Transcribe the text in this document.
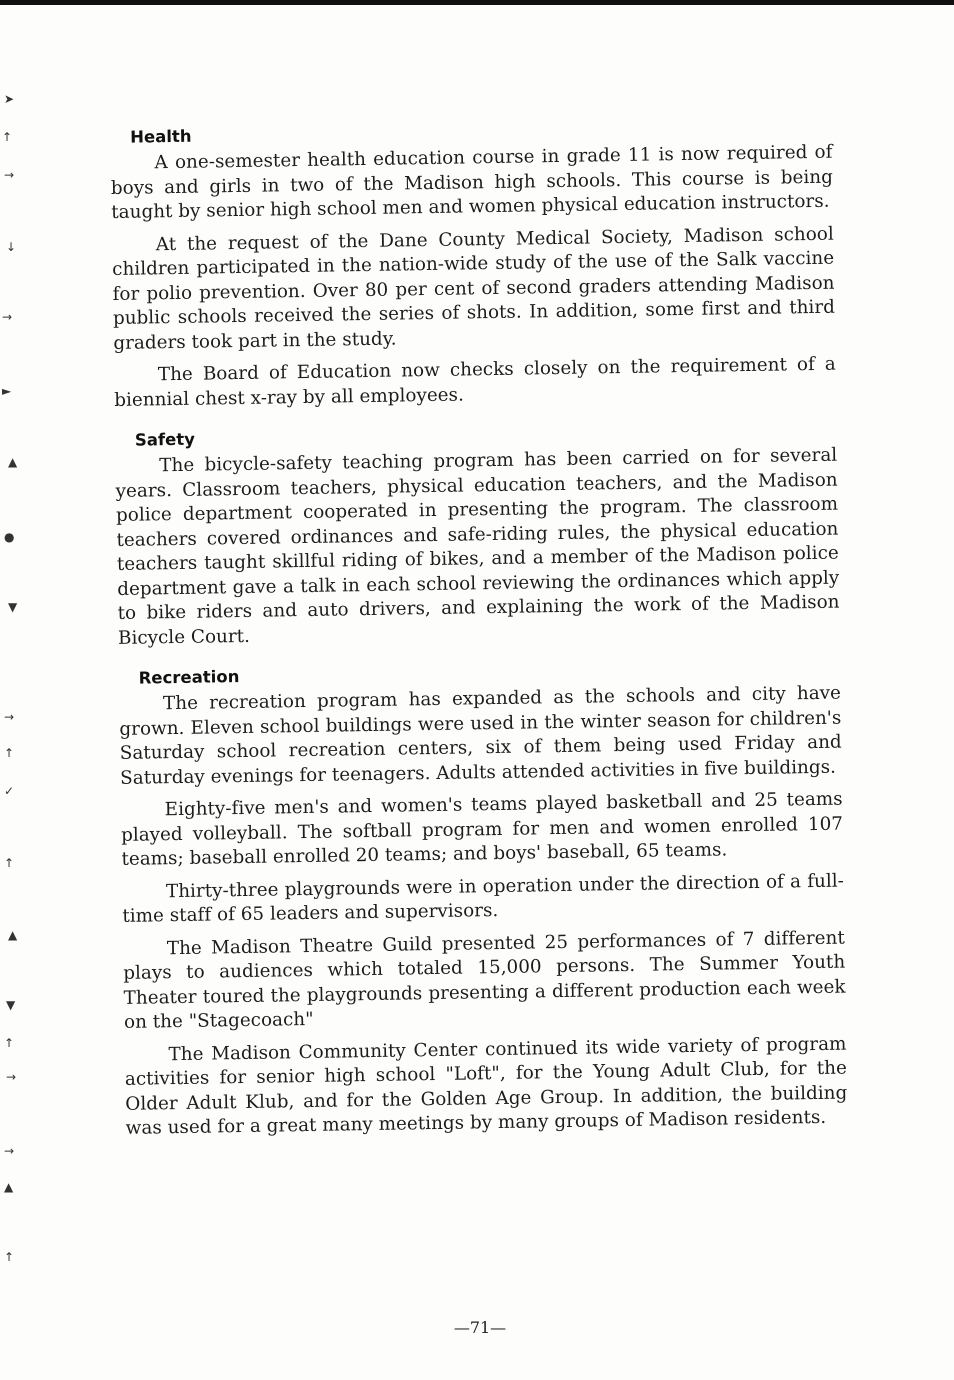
➤
↑
→
↓
→
►
▲
●
▼
→
↑
✓
↑
▲
▼
↑
→
→
▲
↑
Health

A one-semester health education course in grade 11 is now required of boys and girls in two of the Madison high schools. This course is being taught by senior high school men and women physical education instructors.

At the request of the Dane County Medical Society, Madison school children participated in the nation-wide study of the use of the Salk vaccine for polio prevention. Over 80 per cent of second graders attending Madison public schools received the series of shots. In addition, some first and third graders took part in the study.

The Board of Education now checks closely on the requirement of a biennial chest x-ray by all employees.

Safety

The bicycle-safety teaching program has been carried on for several years. Classroom teachers, physical education teachers, and the Madison police department cooperated in presenting the program. The classroom teachers covered ordinances and safe-riding rules, the physical education teachers taught skillful riding of bikes, and a member of the Madison police department gave a talk in each school reviewing the ordinances which apply to bike riders and auto drivers, and explaining the work of the Madison Bicycle Court.

Recreation

The recreation program has expanded as the schools and city have grown. Eleven school buildings were used in the winter season for children's Saturday school recreation centers, six of them being used Friday and Saturday evenings for teenagers. Adults attended activities in five buildings.

Eighty-five men's and women's teams played basketball and 25 teams played volleyball. The softball program for men and women enrolled 107 teams; baseball enrolled 20 teams; and boys' baseball, 65 teams.

Thirty-three playgrounds were in operation under the direction of a full-time staff of 65 leaders and supervisors.

The Madison Theatre Guild presented 25 performances of 7 different plays to audiences which totaled 15,000 persons. The Summer Youth Theater toured the playgrounds presenting a different production each week on the "Stagecoach"

The Madison Community Center continued its wide variety of program activities for senior high school "Loft", for the Young Adult Club, for the Older Adult Klub, and for the Golden Age Group. In addition, the building was used for a great many meetings by many groups of Madison residents.

—71—
